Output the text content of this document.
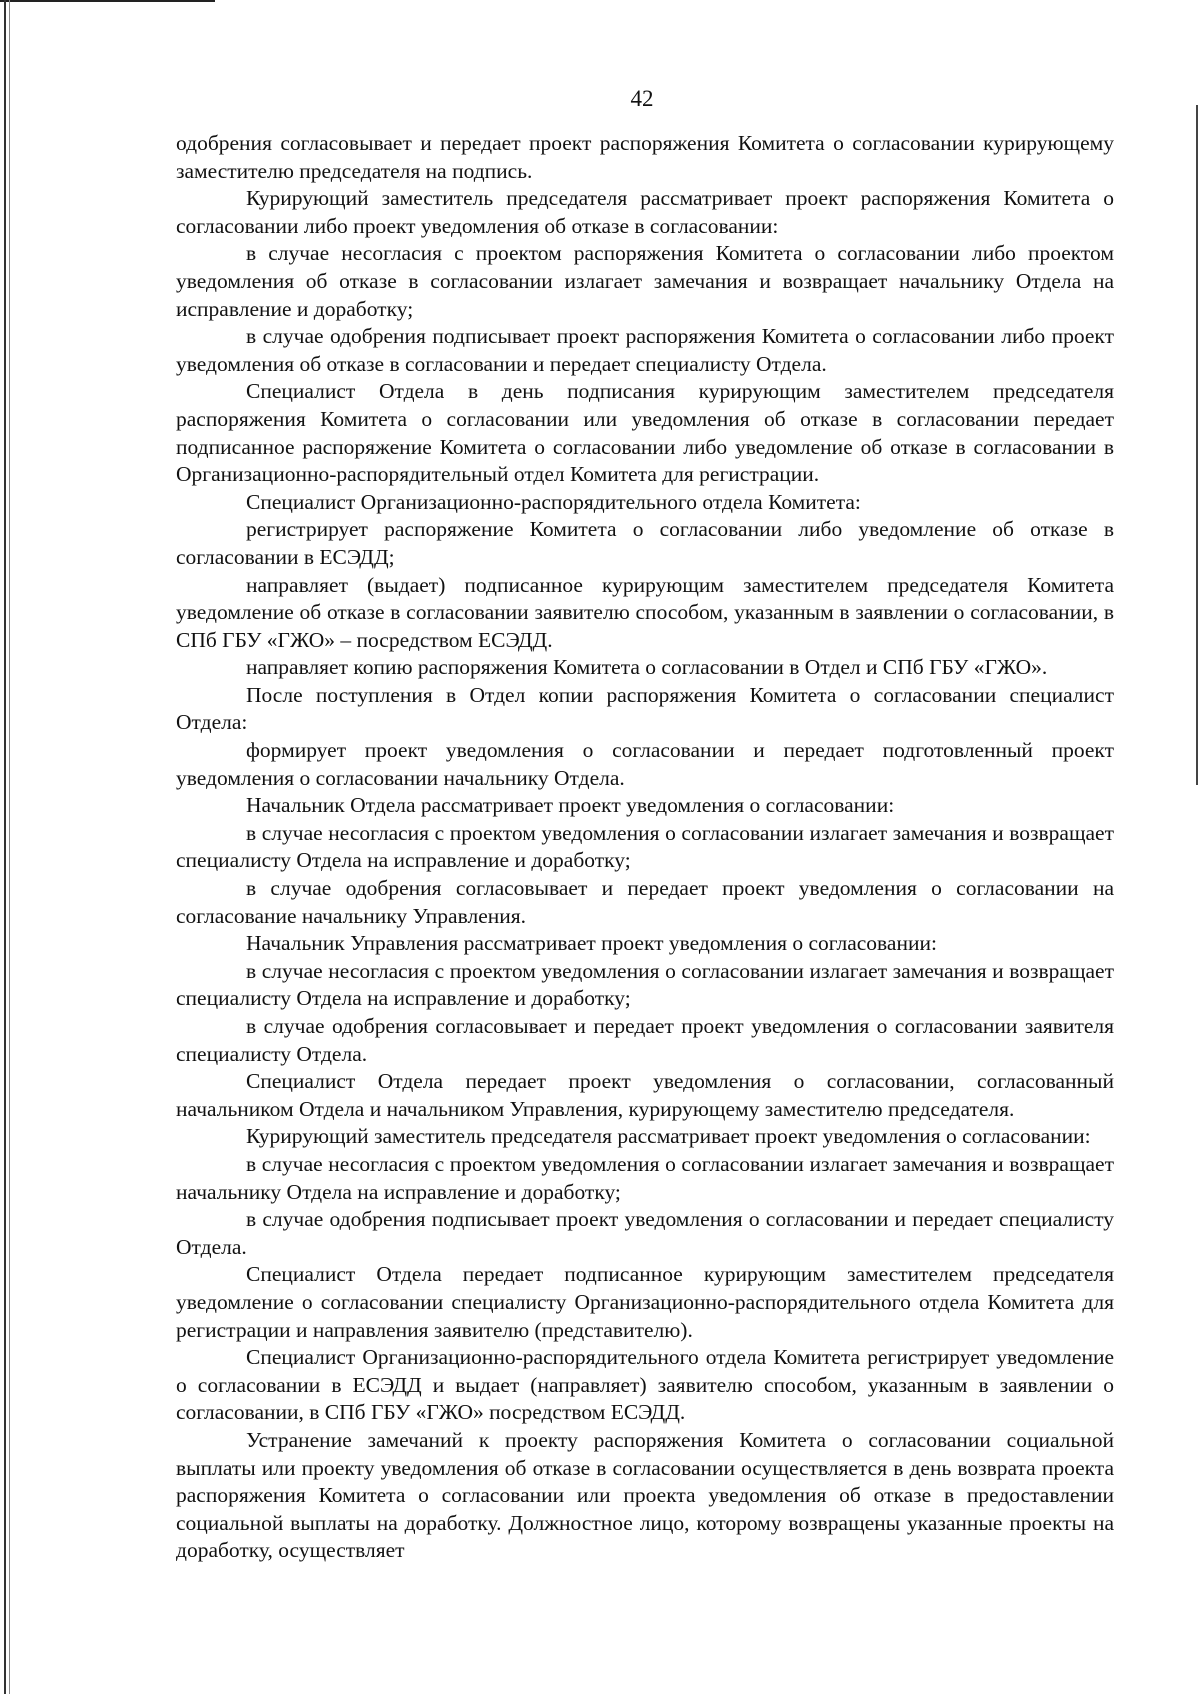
42

одобрения согласовывает и передает проект распоряжения Комитета о согласовании курирующему заместителю председателя на подпись.

Курирующий заместитель председателя рассматривает проект распоряжения Комитета о согласовании либо проект уведомления об отказе в согласовании:

в случае несогласия с проектом распоряжения Комитета о согласовании либо проектом уведомления об отказе в согласовании излагает замечания и возвращает начальнику Отдела на исправление и доработку;

в случае одобрения подписывает проект распоряжения Комитета о согласовании либо проект уведомления об отказе в согласовании и передает специалисту Отдела.

Специалист Отдела в день подписания курирующим заместителем председателя распоряжения Комитета о согласовании или уведомления об отказе в согласовании передает подписанное распоряжение Комитета о согласовании либо уведомление об отказе в согласовании в Организационно-распорядительный отдел Комитета для регистрации.

Специалист Организационно-распорядительного отдела Комитета:

регистрирует распоряжение Комитета о согласовании либо уведомление об отказе в согласовании в ЕСЭДД;

направляет (выдает) подписанное курирующим заместителем председателя Комитета уведомление об отказе в согласовании заявителю способом, указанным в заявлении о согласовании, в СПб ГБУ «ГЖО» – посредством ЕСЭДД.

направляет копию распоряжения Комитета о согласовании в Отдел и СПб ГБУ «ГЖО».

После поступления в Отдел копии распоряжения Комитета о согласовании специалист Отдела:

формирует проект уведомления о согласовании и передает подготовленный проект уведомления о согласовании начальнику Отдела.

Начальник Отдела рассматривает проект уведомления о согласовании:

в случае несогласия с проектом уведомления о согласовании излагает замечания и возвращает специалисту Отдела на исправление и доработку;

в случае одобрения согласовывает и передает проект уведомления о согласовании на согласование начальнику Управления.

Начальник Управления рассматривает проект уведомления о согласовании:

в случае несогласия с проектом уведомления о согласовании излагает замечания и возвращает специалисту Отдела на исправление и доработку;

в случае одобрения согласовывает и передает проект уведомления о согласовании заявителя специалисту Отдела.

Специалист Отдела передает проект уведомления о согласовании, согласованный начальником Отдела и начальником Управления, курирующему заместителю председателя.

Курирующий заместитель председателя рассматривает проект уведомления о согласовании:

в случае несогласия с проектом уведомления о согласовании излагает замечания и возвращает начальнику Отдела на исправление и доработку;

в случае одобрения подписывает проект уведомления о согласовании и передает специалисту Отдела.

Специалист Отдела передает подписанное курирующим заместителем председателя уведомление о согласовании специалисту Организационно-распорядительного отдела Комитета для регистрации и направления заявителю (представителю).

Специалист Организационно-распорядительного отдела Комитета регистрирует уведомление о согласовании в ЕСЭДД и выдает (направляет) заявителю способом, указанным в заявлении о согласовании, в СПб ГБУ «ГЖО» посредством ЕСЭДД.

Устранение замечаний к проекту распоряжения Комитета о согласовании социальной выплаты или проекту уведомления об отказе в согласовании осуществляется в день возврата проекта распоряжения Комитета о согласовании или проекта уведомления об отказе в предоставлении социальной выплаты на доработку. Должностное лицо, которому возвращены указанные проекты на доработку, осуществляет
